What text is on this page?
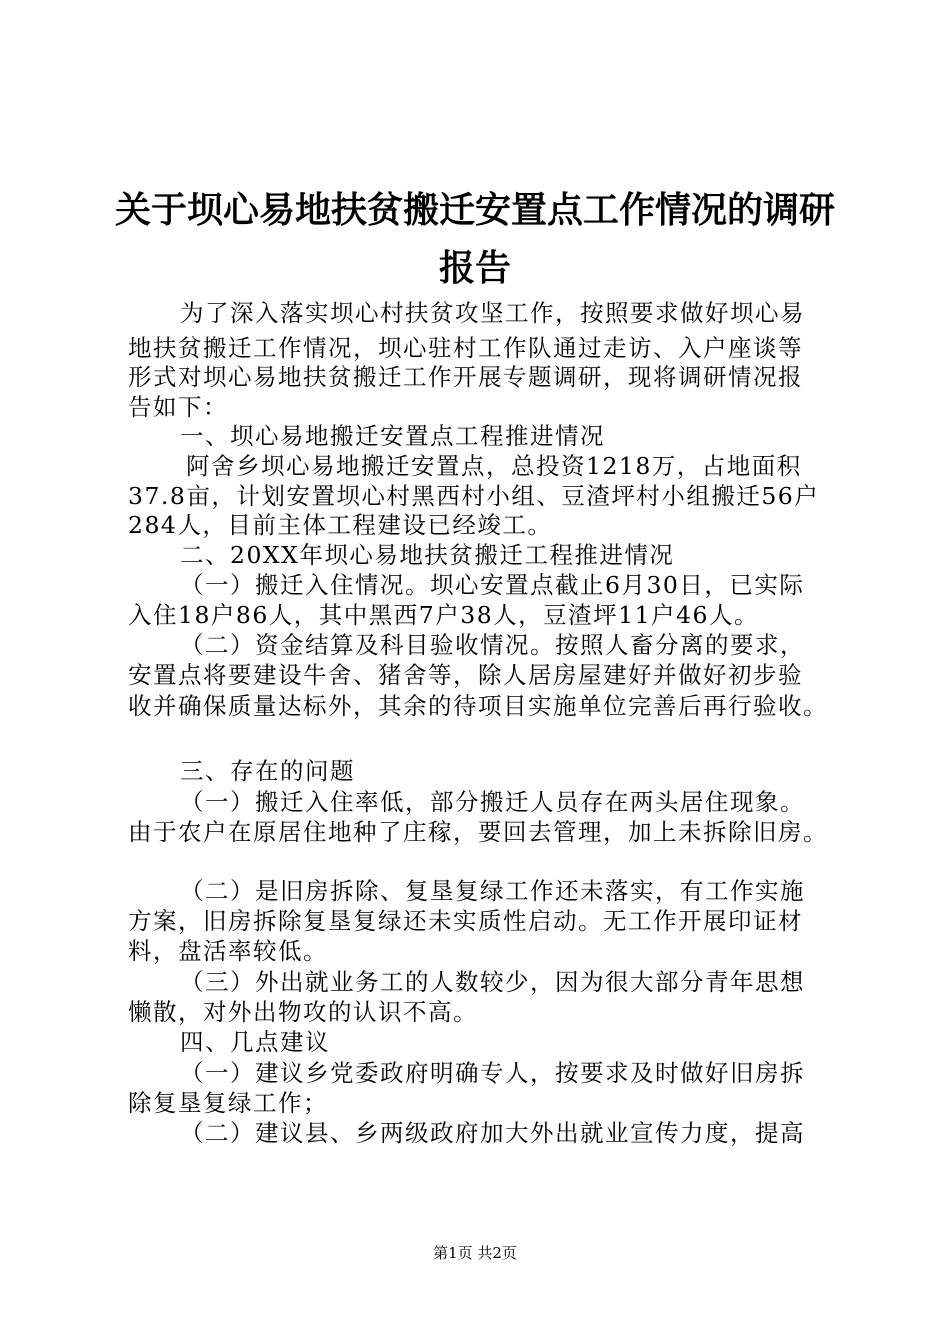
关于坝心易地扶贫搬迁安置点工作情况的调研
报告
为了深入落实坝心村扶贫攻坚工作，按照要求做好坝心易
地扶贫搬迁工作情况，坝心驻村工作队通过走访、入户座谈等
形式对坝心易地扶贫搬迁工作开展专题调研，现将调研情况报
告如下：
一、坝心易地搬迁安置点工程推进情况
阿舍乡坝心易地搬迁安置点，总投资1218万，占地面积
37.8亩，计划安置坝心村黑西村小组、豆渣坪村小组搬迁56户
284人，目前主体工程建设已经竣工。
二、20XX年坝心易地扶贫搬迁工程推进情况
（一）搬迁入住情况。坝心安置点截止6月30日，已实际
入住18户86人，其中黑西7户38人，豆渣坪11户46人。
（二）资金结算及科目验收情况。按照人畜分离的要求，
安置点将要建设牛舍、猪舍等，除人居房屋建好并做好初步验
收并确保质量达标外，其余的待项目实施单位完善后再行验收。
三、存在的问题
（一）搬迁入住率低，部分搬迁人员存在两头居住现象。
由于农户在原居住地种了庄稼，要回去管理，加上未拆除旧房。
（二）是旧房拆除、复垦复绿工作还未落实，有工作实施
方案，旧房拆除复垦复绿还未实质性启动。无工作开展印证材
料，盘活率较低。
（三）外出就业务工的人数较少，因为很大部分青年思想
懒散，对外出物攻的认识不高。
四、几点建议
（一）建议乡党委政府明确专人，按要求及时做好旧房拆
除复垦复绿工作；
（二）建议县、乡两级政府加大外出就业宣传力度，提高
第1页 共2页
